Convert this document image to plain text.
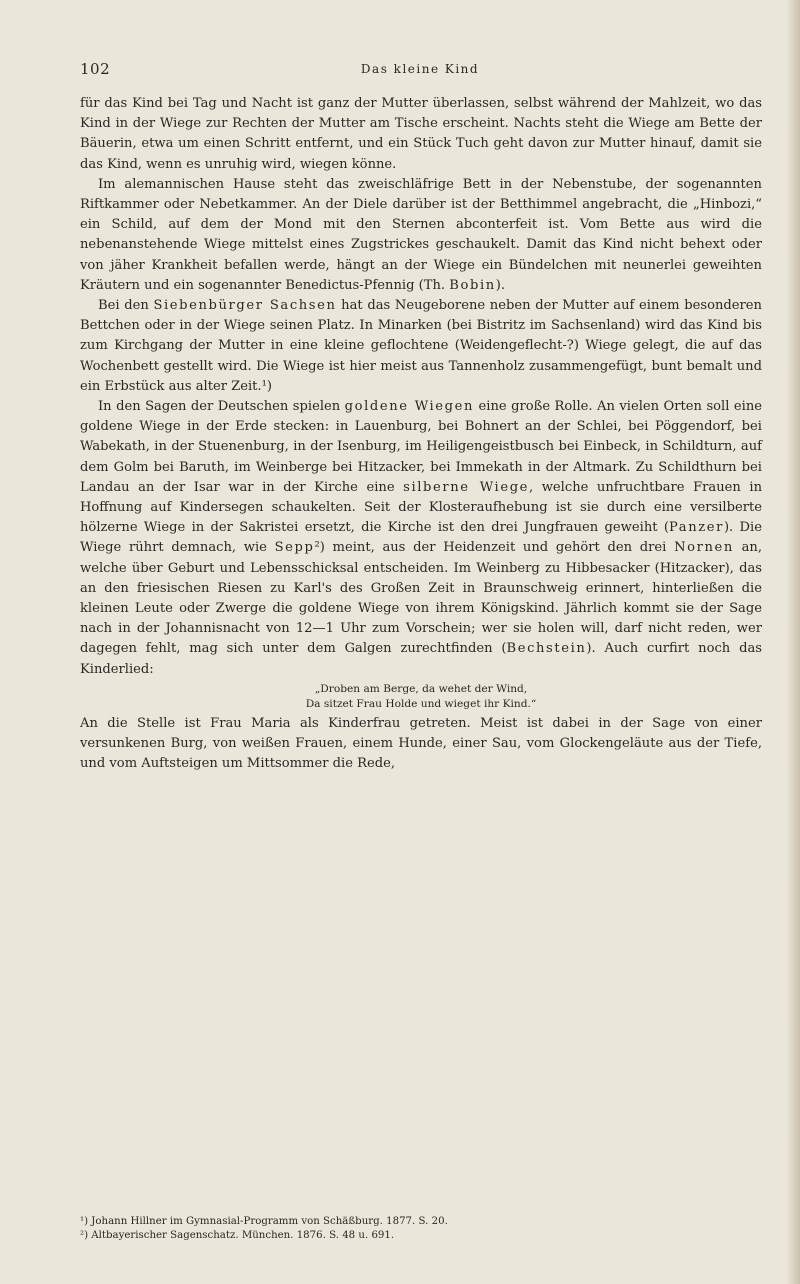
102	Das kleine Kind

für das Kind bei Tag und Nacht ist ganz der Mutter überlassen, selbst während der Mahlzeit, wo das Kind in der Wiege zur Rechten der Mutter am Tische erscheint. Nachts steht die Wiege am Bette der Bäuerin, etwa um einen Schritt entfernt, und ein Stück Tuch geht davon zur Mutter hinauf, damit sie das Kind, wenn es unruhig wird, wiegen könne.

Im alemannischen Hause steht das zweischläfrige Bett in der Nebenstube, der sogenannten Riftkammer oder Nebetkammer. An der Diele darüber ist der Betthimmel angebracht, die „Hinbozi,“ ein Schild, auf dem der Mond mit den Sternen abconterfeit ist. Vom Bette aus wird die nebenanstehende Wiege mittelst eines Zugstrickes geschaukelt. Damit das Kind nicht behext oder von jäher Krankheit befallen werde, hängt an der Wiege ein Bündelchen mit neunerlei geweihten Kräutern und ein sogenannter Benedictus-Pfennig (Th. Bobin).

Bei den Siebenbürger Sachsen hat das Neugeborene neben der Mutter auf einem besonderen Bettchen oder in der Wiege seinen Platz. In Minarken (bei Bistritz im Sachsenland) wird das Kind bis zum Kirchgang der Mutter in eine kleine geflochtene (Weidengeflecht-?) Wiege gelegt, die auf das Wochenbett gestellt wird. Die Wiege ist hier meist aus Tannenholz zusammengefügt, bunt bemalt und ein Erbstück aus alter Zeit.¹)

In den Sagen der Deutschen spielen goldene Wiegen eine große Rolle. An vielen Orten soll eine goldene Wiege in der Erde stecken: in Lauenburg, bei Bohnert an der Schlei, bei Pöggendorf, bei Wabekath, in der Stuenenburg, in der Isenburg, im Heiligengeistbusch bei Einbeck, in Schildturn, auf dem Golm bei Baruth, im Weinberge bei Hitzacker, bei Immekath in der Altmark. Zu Schildthurn bei Landau an der Isar war in der Kirche eine silberne Wiege, welche unfruchtbare Frauen in Hoffnung auf Kindersegen schaukelten. Seit der Klosteraufhebung ist sie durch eine versilberte hölzerne Wiege in der Sakristei ersetzt, die Kirche ist den drei Jungfrauen geweiht (Panzer). Die Wiege rührt demnach, wie Sepp²) meint, aus der Heidenzeit und gehört den drei Nornen an, welche über Geburt und Lebensschicksal entscheiden. Im Weinberg zu Hibbesacker (Hitzacker), das an den friesischen Riesen zu Karl's des Großen Zeit in Braunschweig erinnert, hinterließen die kleinen Leute oder Zwerge die goldene Wiege von ihrem Königskind. Jährlich kommt sie der Sage nach in der Johannisnacht von 12—1 Uhr zum Vorschein; wer sie holen will, darf nicht reden, wer dagegen fehlt, mag sich unter dem Galgen zurechtfinden (Bechstein). Auch curfirt noch das Kinderlied:

„Droben am Berge, da wehet der Wind,
Da sitzet Frau Holde und wieget ihr Kind.“

An die Stelle ist Frau Maria als Kinderfrau getreten. Meist ist dabei in der Sage von einer versunkenen Burg, von weißen Frauen, einem Hunde, einer Sau, vom Glockengeläute aus der Tiefe, und vom Auftsteigen um Mittsommer die Rede,

¹) Johann Hillner im Gymnasial-Programm von Schäßburg. 1877. S. 20.
²) Altbayerischer Sagenschatz. München. 1876. S. 48 u. 691.
